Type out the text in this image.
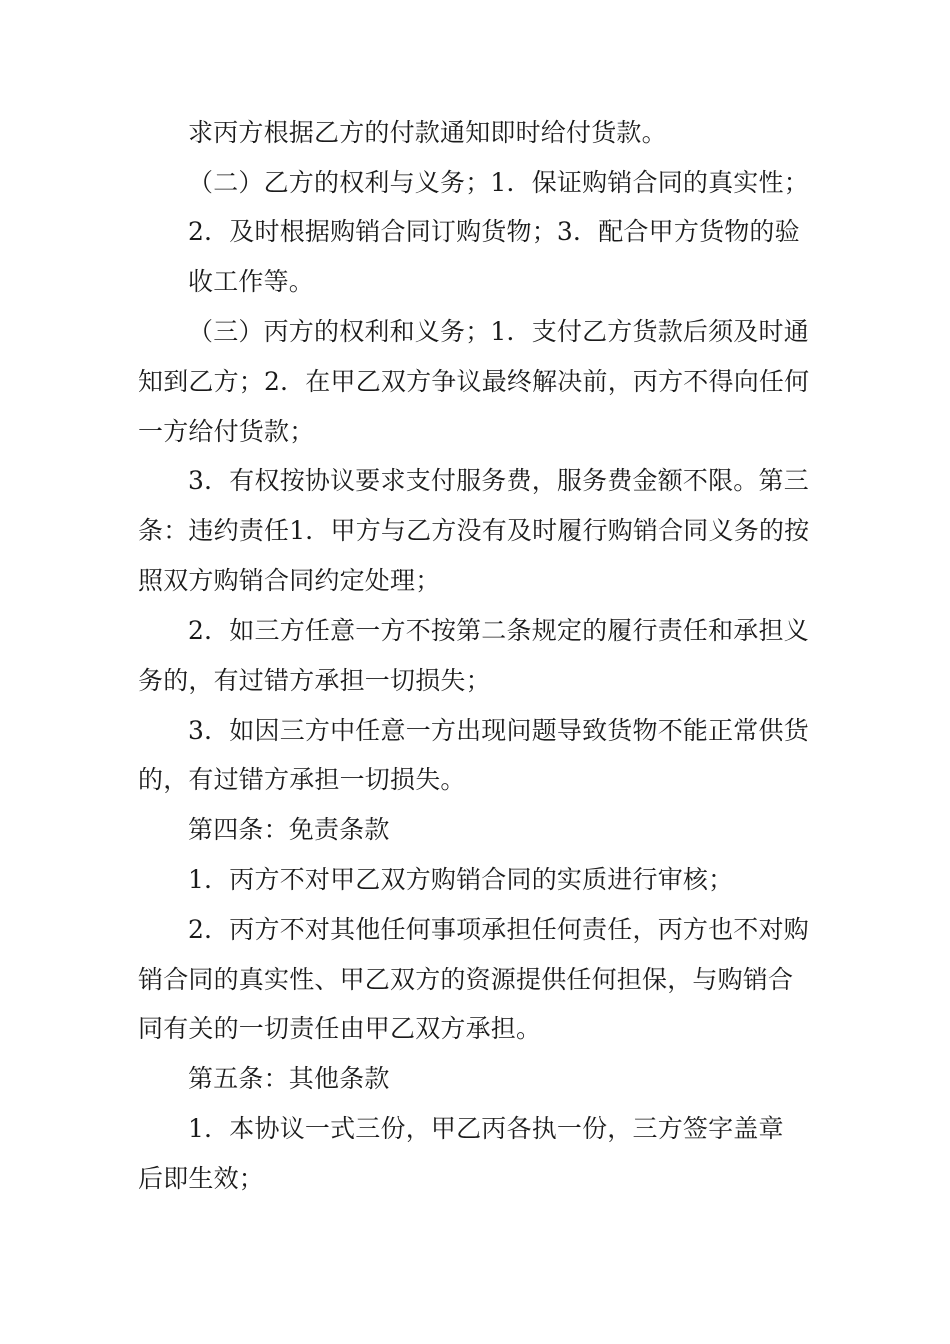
求丙方根据乙方的付款通知即时给付货款。
（二）乙方的权利与义务；1．保证购销合同的真实性；
2．及时根据购销合同订购货物；3．配合甲方货物的验
收工作等。
（三）丙方的权利和义务；1．支付乙方货款后须及时通
知到乙方；2．在甲乙双方争议最终解决前，丙方不得向任何
一方给付货款；
3．有权按协议要求支付服务费，服务费金额不限。第三
条：违约责任1．甲方与乙方没有及时履行购销合同义务的按
照双方购销合同约定处理；
2．如三方任意一方不按第二条规定的履行责任和承担义
务的，有过错方承担一切损失；
3．如因三方中任意一方出现问题导致货物不能正常供货
的，有过错方承担一切损失。
第四条：免责条款
1．丙方不对甲乙双方购销合同的实质进行审核；
2．丙方不对其他任何事项承担任何责任，丙方也不对购
销合同的真实性、甲乙双方的资源提供任何担保，与购销合
同有关的一切责任由甲乙双方承担。
第五条：其他条款
1．本协议一式三份，甲乙丙各执一份，三方签字盖章
后即生效；
